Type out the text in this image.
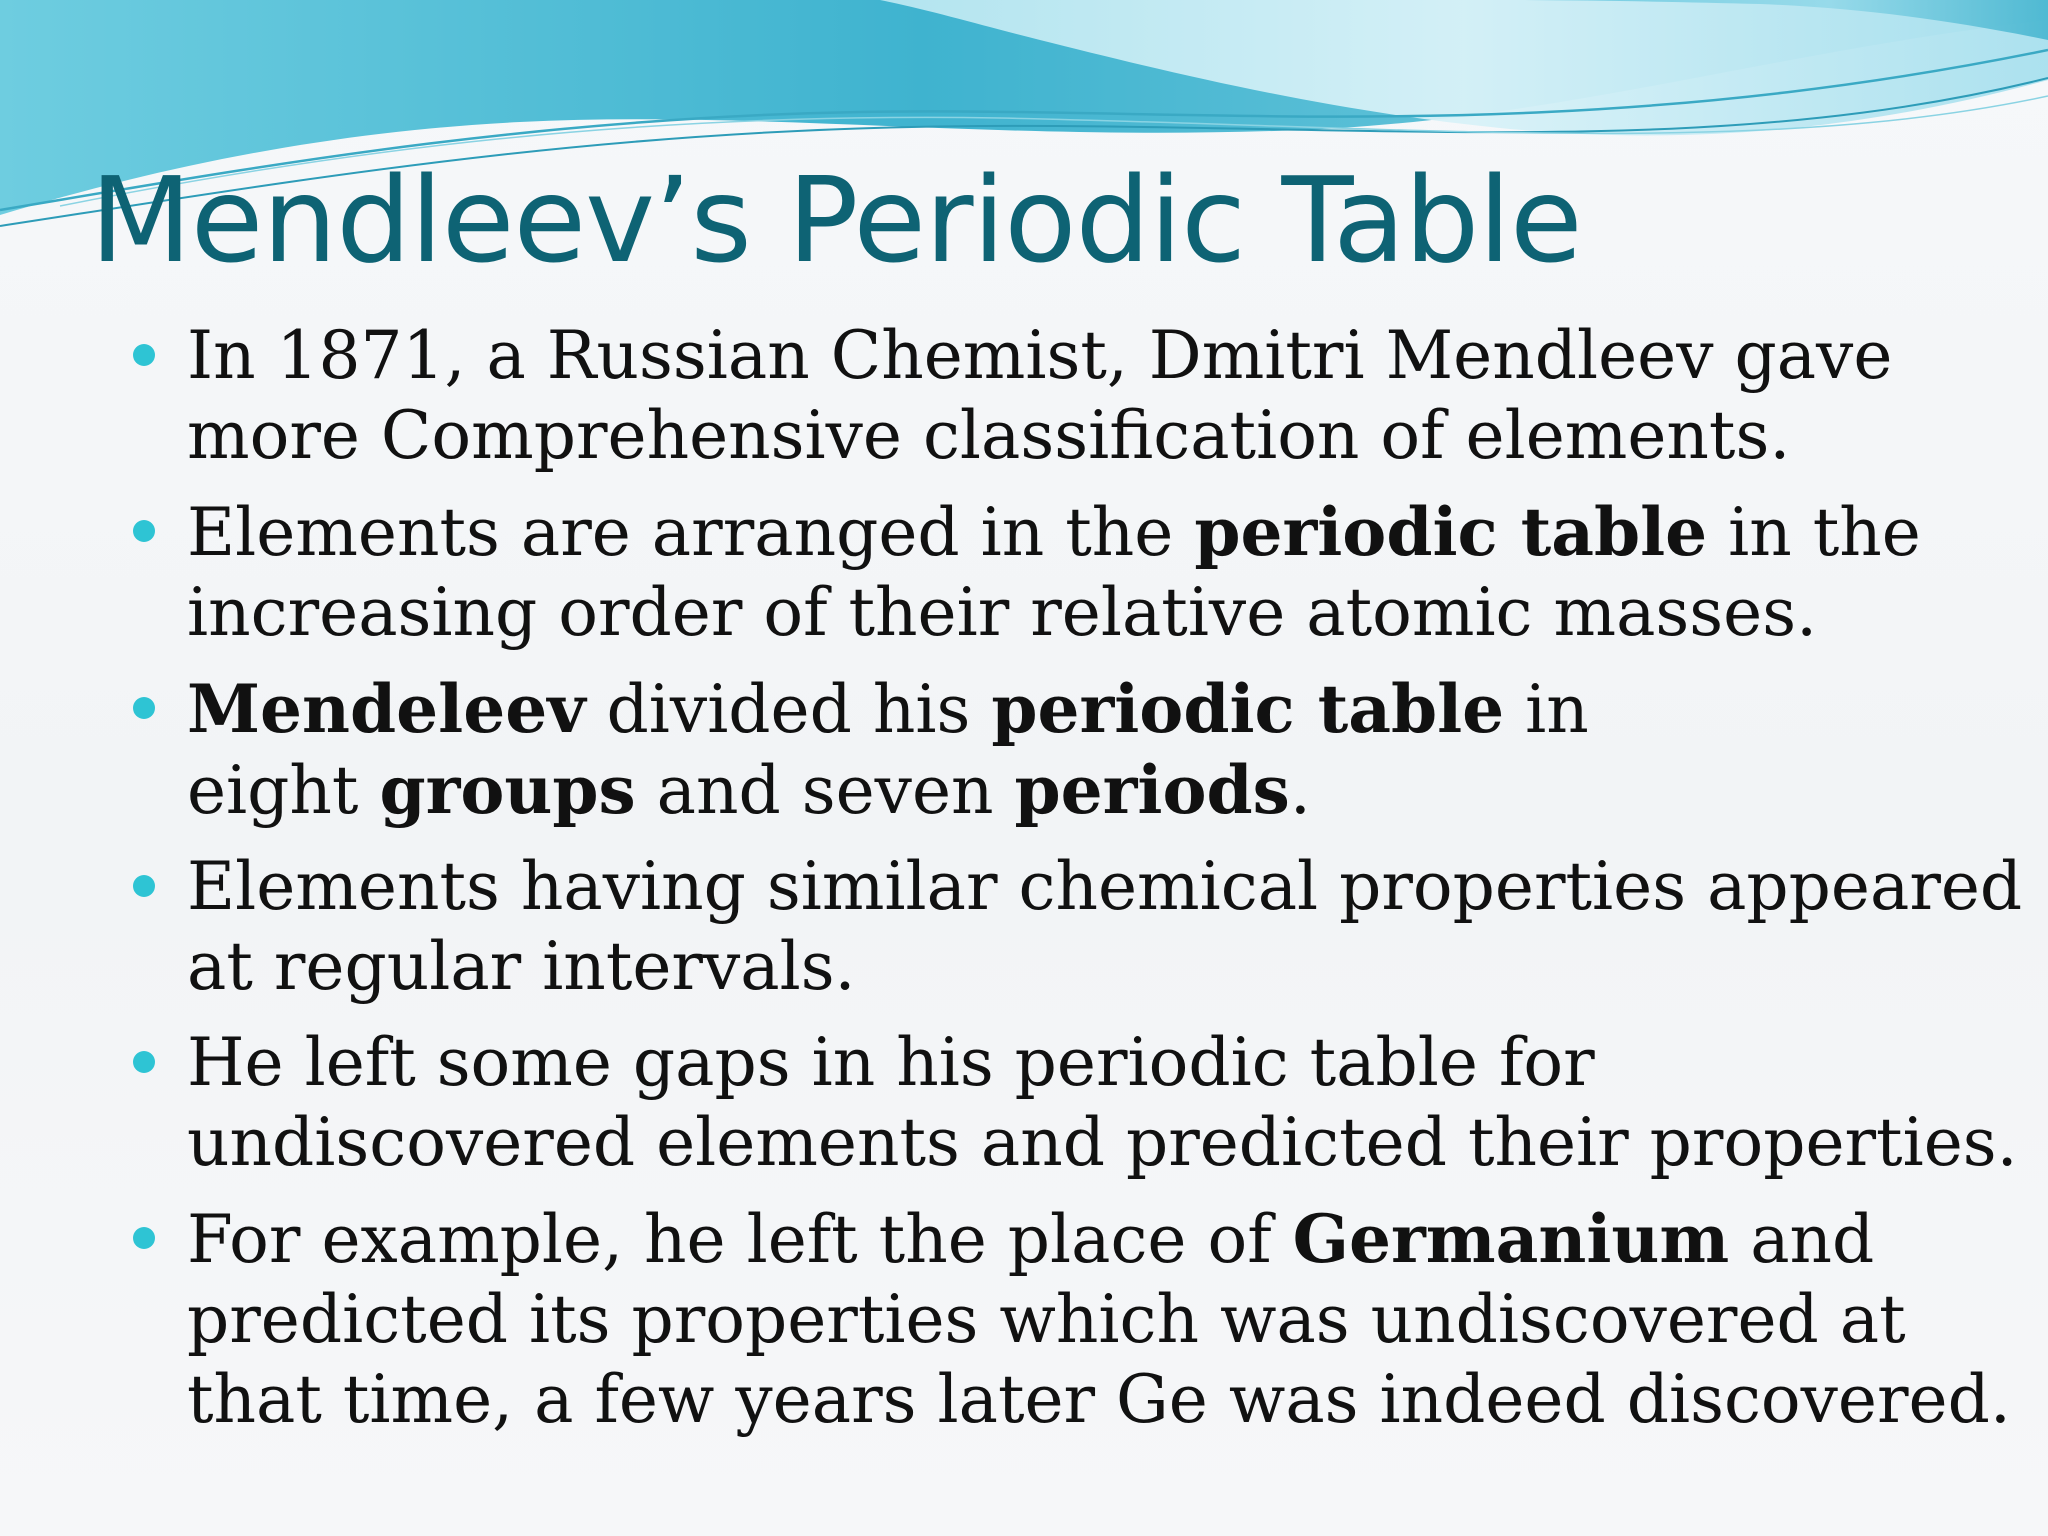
Mendleev’s Periodic Table
In 1871, a Russian Chemist, Dmitri Mendleev gave
more Comprehensive classification of elements.
Elements are arranged in the periodic table in the
increasing order of their relative atomic masses.
Mendeleev divided his periodic table in
eight groups and seven periods.
Elements having similar chemical properties appeared
at regular intervals.
He left some gaps in his periodic table for
undiscovered elements and predicted their properties.
For example, he left the place of Germanium and
predicted its properties which was undiscovered at
that time, a few years later Ge was indeed discovered.
